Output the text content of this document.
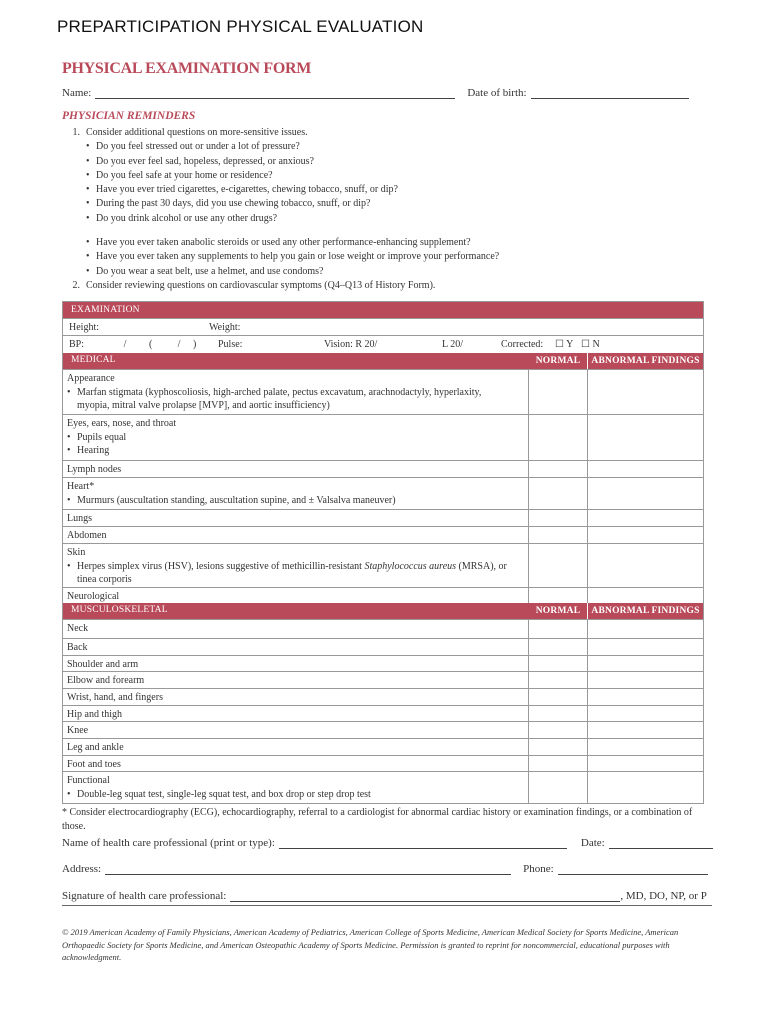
PREPARTICIPATION PHYSICAL EVALUATION
PHYSICAL EXAMINATION FORM
Name:	Date of birth:
PHYSICIAN REMINDERS
1. Consider additional questions on more-sensitive issues.
• Do you feel stressed out or under a lot of pressure?
• Do you ever feel sad, hopeless, depressed, or anxious?
• Do you feel safe at your home or residence?
• Have you ever tried cigarettes, e-cigarettes, chewing tobacco, snuff, or dip?
• During the past 30 days, did you use chewing tobacco, snuff, or dip?
• Do you drink alcohol or use any other drugs?
• Have you ever taken anabolic steroids or used any other performance-enhancing supplement?
• Have you ever taken any supplements to help you gain or lose weight or improve your performance?
• Do you wear a seat belt, use a helmet, and use condoms?
2. Consider reviewing questions on cardiovascular symptoms (Q4–Q13 of History Form).
EXAMINATION
Height:	Weight:
BP:	/	(	/	)	Pulse:	Vision: R 20/	L 20/	Corrected:	☐ Y ☐ N
MEDICAL	NORMAL	ABNORMAL FINDINGS
Appearance
• Marfan stigmata (kyphoscoliosis, high-arched palate, pectus excavatum, arachnodactyly, hyperlaxity,
myopia, mitral valve prolapse [MVP], and aortic insufficiency)
Eyes, ears, nose, and throat
• Pupils equal
• Hearing
Lymph nodes
Heart*
• Murmurs (auscultation standing, auscultation supine, and ± Valsalva maneuver)
Lungs
Abdomen
Skin
• Herpes simplex virus (HSV), lesions suggestive of methicillin-resistant Staphylococcus aureus (MRSA), or
tinea corporis
Neurological
MUSCULOSKELETAL	NORMAL	ABNORMAL FINDINGS
Neck
Back
Shoulder and arm
Elbow and forearm
Wrist, hand, and fingers
Hip and thigh
Knee
Leg and ankle
Foot and toes
Functional
• Double-leg squat test, single-leg squat test, and box drop or step drop test
* Consider electrocardiography (ECG), echocardiography, referral to a cardiologist for abnormal cardiac history or examination findings, or a combination of those.
Name of health care professional (print or type):	Date:
Address:	Phone:
Signature of health care professional:	, MD, DO, NP, or P
© 2019 American Academy of Family Physicians, American Academy of Pediatrics, American College of Sports Medicine, American Medical Society for Sports Medicine, American Orthopaedic Society for Sports Medicine, and American Osteopathic Academy of Sports Medicine. Permission is granted to reprint for noncommercial, educational purposes with acknowledgment.
